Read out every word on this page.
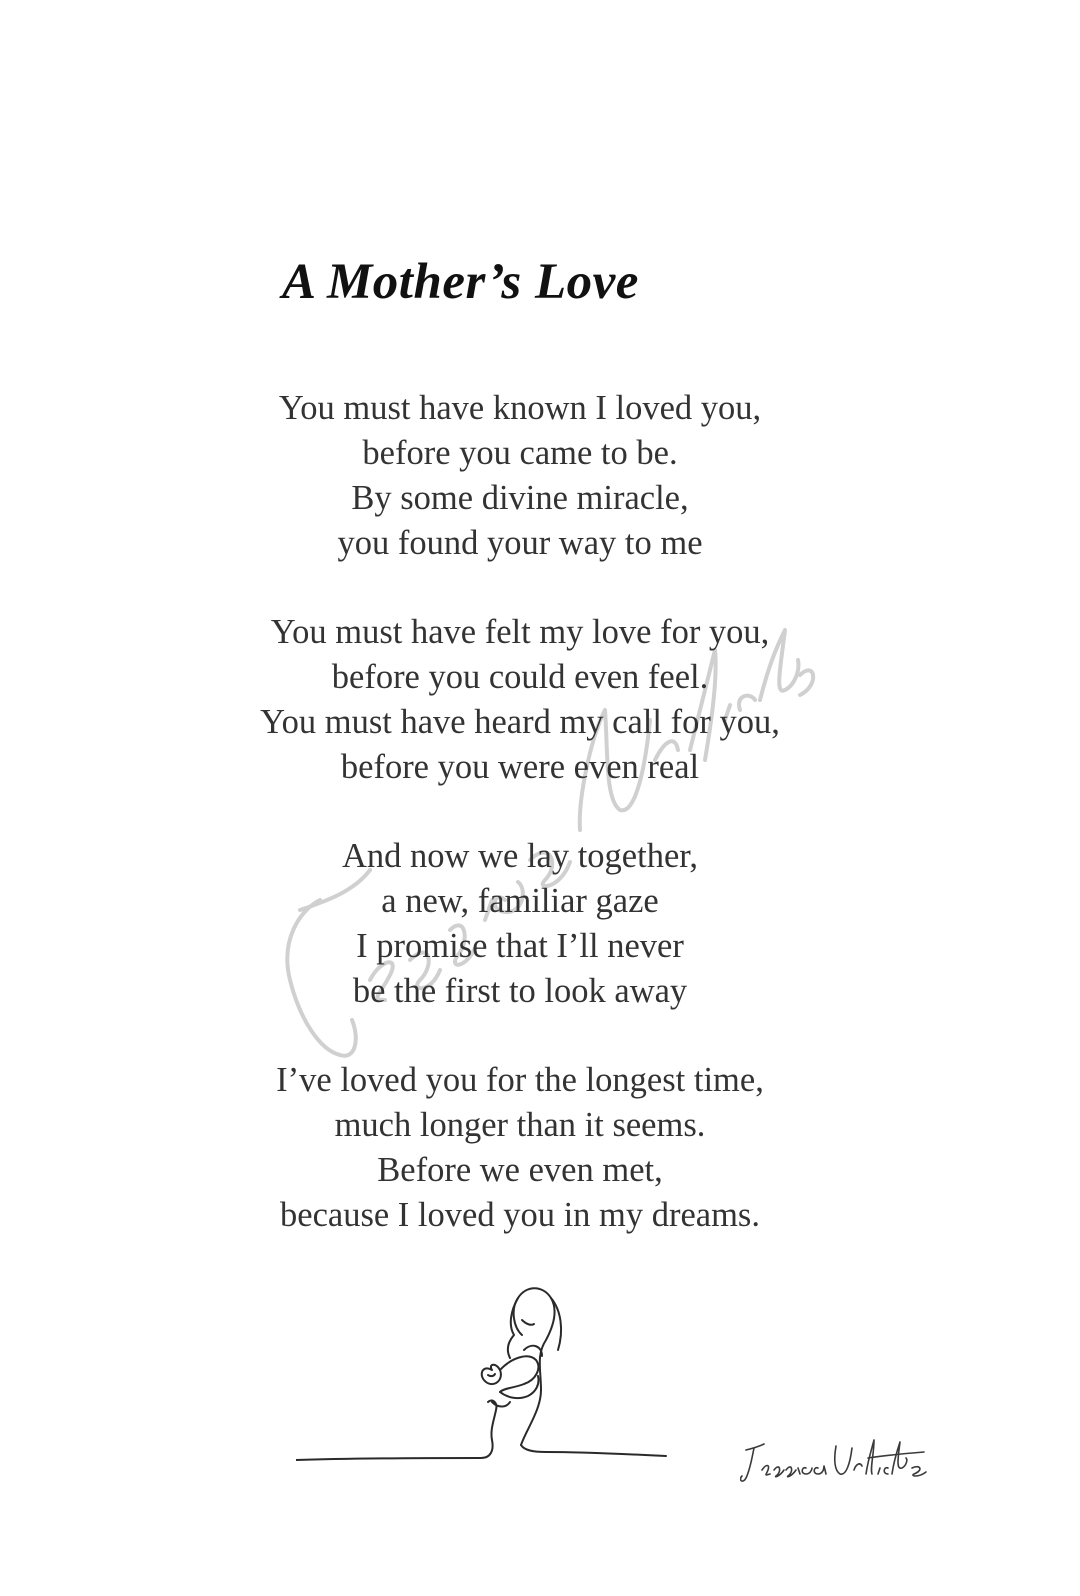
A Mother’s Love
You must have known I loved you,
before you came to be.
By some divine miracle,
you found your way to me
You must have felt my love for you,
before you could even feel.
You must have heard my call for you,
before you were even real
And now we lay together,
a new, familiar gaze
I promise that I’ll never
be the first to look away
I’ve loved you for the longest time,
much longer than it seems.
Before we even met,
because I loved you in my dreams.
